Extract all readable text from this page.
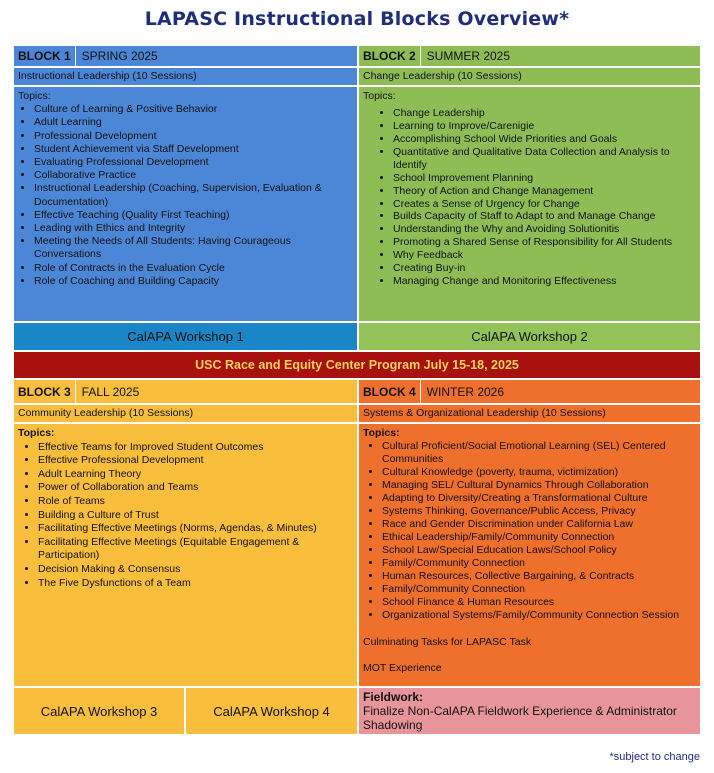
LAPASC Instructional Blocks Overview*
BLOCK 1 SPRING 2025
Instructional Leadership (10 Sessions)
Topics:
• Culture of Learning & Positive Behavior
• Adult Learning
• Professional Development
• Student Achievement via Staff Development
• Evaluating Professional Development
• Collaborative Practice
• Instructional Leadership (Coaching, Supervision, Evaluation & Documentation)
• Effective Teaching (Quality First Teaching)
• Leading with Ethics and Integrity
• Meeting the Needs of All Students: Having Courageous Conversations
• Role of Contracts in the Evaluation Cycle
• Role of Coaching and Building Capacity
CalAPA Workshop 1
BLOCK 2 SUMMER 2025
Change Leadership (10 Sessions)
Topics:
• Change Leadership
• Learning to Improve/Carenigie
• Accomplishing School Wide Priorities and Goals
• Quantitative and Qualitative Data Collection and Analysis to Identify
• School Improvement Planning
• Theory of Action and Change Management
• Creates a Sense of Urgency for Change
• Builds Capacity of Staff to Adapt to and Manage Change
• Understanding the Why and Avoiding Solutionitis
• Promoting a Shared Sense of Responsibility for All Students
• Why Feedback
• Creating Buy-in
• Managing Change and Monitoring Effectiveness
CalAPA Workshop 2
USC Race and Equity Center Program July 15-18, 2025
BLOCK 3 FALL 2025
Community Leadership (10 Sessions)
Topics:
• Effective Teams for Improved Student Outcomes
• Effective Professional Development
• Adult Learning Theory
• Power of Collaboration and Teams
• Role of Teams
• Building a Culture of Trust
• Facilitating Effective Meetings (Norms, Agendas, & Minutes)
• Facilitating Effective Meetings (Equitable Engagement & Participation)
• Decision Making & Consensus
• The Five Dysfunctions of a Team
CalAPA Workshop 3	CalAPA Workshop 4
BLOCK 4 WINTER 2026
Systems & Organizational Leadership (10 Sessions)
Topics:
• Cultural Proficient/Social Emotional Learning (SEL) Centered Communities
• Cultural Knowledge (poverty, trauma, victimization)
• Managing SEL/ Cultural Dynamics Through Collaboration
• Adapting to Diversity/Creating a Transformational Culture
• Systems Thinking, Governance/Public Access, Privacy
• Race and Gender Discrimination under California Law
• Ethical Leadership/Family/Community Connection
• School Law/Special Education Laws/School Policy
• Family/Community Connection
• Human Resources, Collective Bargaining, & Contracts
• Family/Community Connection
• School Finance & Human Resources
• Organizational Systems/Family/Community Connection Session
Culminating Tasks for LAPASC Task
MOT Experience
Fieldwork:
Finalize Non-CalAPA Fieldwork Experience & Administrator Shadowing
*subject to change
